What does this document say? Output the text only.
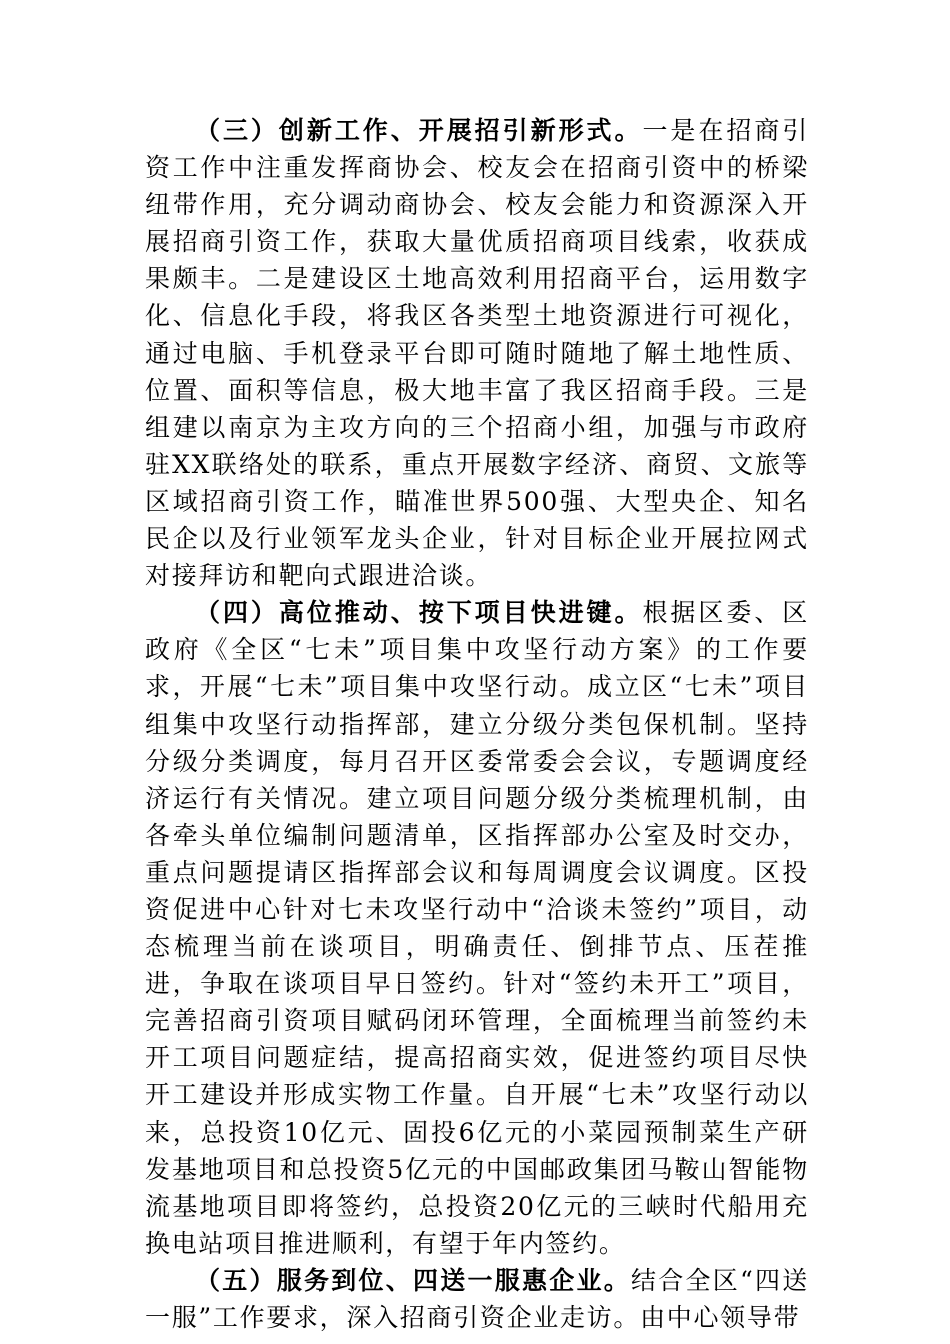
（三）创新工作、开展招引新形式。一是在招商引资工作中注重发挥商协会、校友会在招商引资中的桥梁纽带作用，充分调动商协会、校友会能力和资源深入开展招商引资工作，获取大量优质招商项目线索，收获成果颇丰。二是建设区土地高效利用招商平台，运用数字化、信息化手段，将我区各类型土地资源进行可视化，通过电脑、手机登录平台即可随时随地了解土地性质、位置、面积等信息，极大地丰富了我区招商手段。三是组建以南京为主攻方向的三个招商小组，加强与市政府驻XX联络处的联系，重点开展数字经济、商贸、文旅等区域招商引资工作，瞄准世界500强、大型央企、知名民企以及行业领军龙头企业，针对目标企业开展拉网式对接拜访和靶向式跟进洽谈。

（四）高位推动、按下项目快进键。根据区委、区政府《全区“七未”项目集中攻坚行动方案》的工作要求，开展“七未”项目集中攻坚行动。成立区“七未”项目组集中攻坚行动指挥部，建立分级分类包保机制。坚持分级分类调度，每月召开区委常委会会议，专题调度经济运行有关情况。建立项目问题分级分类梳理机制，由各牵头单位编制问题清单，区指挥部办公室及时交办，重点问题提请区指挥部会议和每周调度会议调度。区投资促进中心针对七未攻坚行动中“洽谈未签约”项目，动态梳理当前在谈项目，明确责任、倒排节点、压茬推进，争取在谈项目早日签约。针对“签约未开工”项目，完善招商引资项目赋码闭环管理，全面梳理当前签约未开工项目问题症结，提高招商实效，促进签约项目尽快开工建设并形成实物工作量。自开展“七未”攻坚行动以来，总投资10亿元、固投6亿元的小菜园预制菜生产研发基地项目和总投资5亿元的中国邮政集团马鞍山智能物流基地项目即将签约，总投资20亿元的三峡时代船用充换电站项目推进顺利，有望于年内签约。

（五）服务到位、四送一服惠企业。结合全区“四送一服”工作要求，深入招商引资企业走访。由中心领导带
